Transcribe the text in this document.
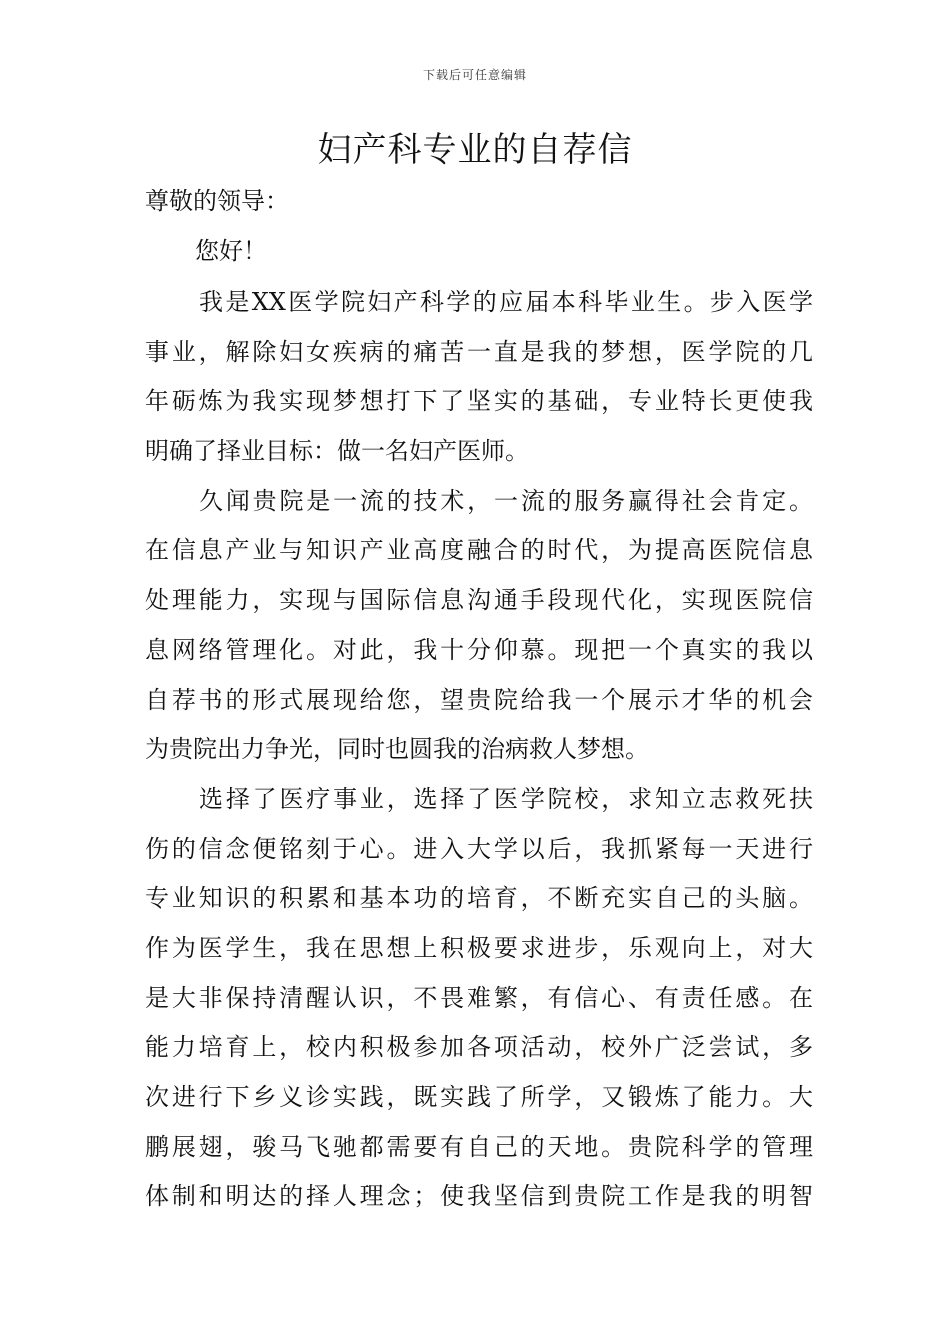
下载后可任意编辑
妇产科专业的自荐信
尊敬的领导：
您好！
我是XX医学院妇产科学的应届本科毕业生。步入医学
事业，解除妇女疾病的痛苦一直是我的梦想，医学院的几
年砺炼为我实现梦想打下了坚实的基础，专业特长更使我
明确了择业目标：做一名妇产医师。
久闻贵院是一流的技术，一流的服务赢得社会肯定。
在信息产业与知识产业高度融合的时代，为提高医院信息
处理能力，实现与国际信息沟通手段现代化，实现医院信
息网络管理化。对此，我十分仰慕。现把一个真实的我以
自荐书的形式展现给您，望贵院给我一个展示才华的机会
为贵院出力争光，同时也圆我的治病救人梦想。
选择了医疗事业，选择了医学院校，求知立志救死扶
伤的信念便铭刻于心。进入大学以后，我抓紧每一天进行
专业知识的积累和基本功的培育，不断充实自己的头脑。
作为医学生，我在思想上积极要求进步，乐观向上，对大
是大非保持清醒认识，不畏难繁，有信心、有责任感。在
能力培育上，校内积极参加各项活动，校外广泛尝试，多
次进行下乡义诊实践，既实践了所学，又锻炼了能力。大
鹏展翅，骏马飞驰都需要有自己的天地。贵院科学的管理
体制和明达的择人理念；使我坚信到贵院工作是我的明智
